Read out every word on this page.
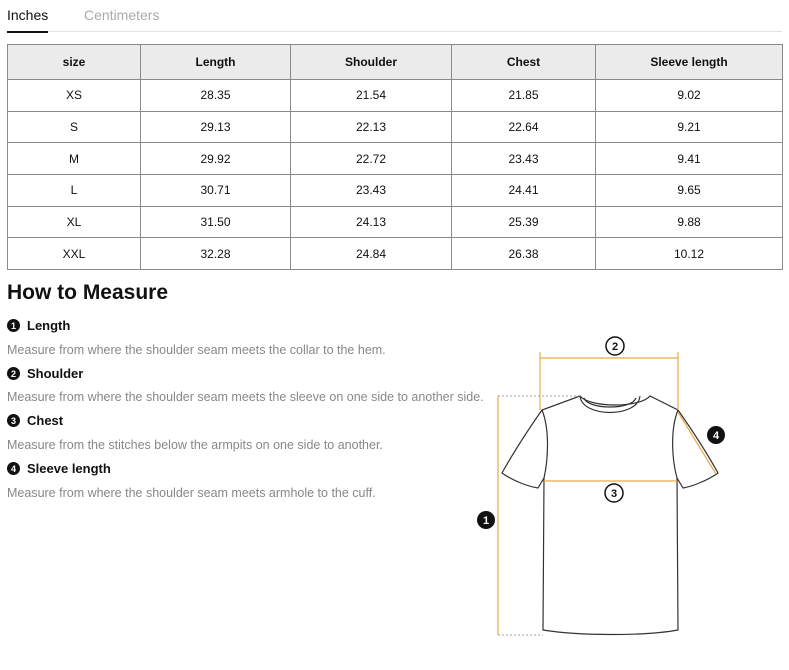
Inches	Centimeters
size	Length	Shoulder	Chest	Sleeve length
XS	28.35	21.54	21.85	9.02
S	29.13	22.13	22.64	9.21
M	29.92	22.72	23.43	9.41
L	30.71	23.43	24.41	9.65
XL	31.50	24.13	25.39	9.88
XXL	32.28	24.84	26.38	10.12
How to Measure
1 Length
Measure from where the shoulder seam meets the collar to the hem.
2 Shoulder
Measure from where the shoulder seam meets the sleeve on one side to another side.
3 Chest
Measure from the stitches below the armpits on one side to another.
4 Sleeve length
Measure from where the shoulder seam meets armhole to the cuff.
1
2
3
4
